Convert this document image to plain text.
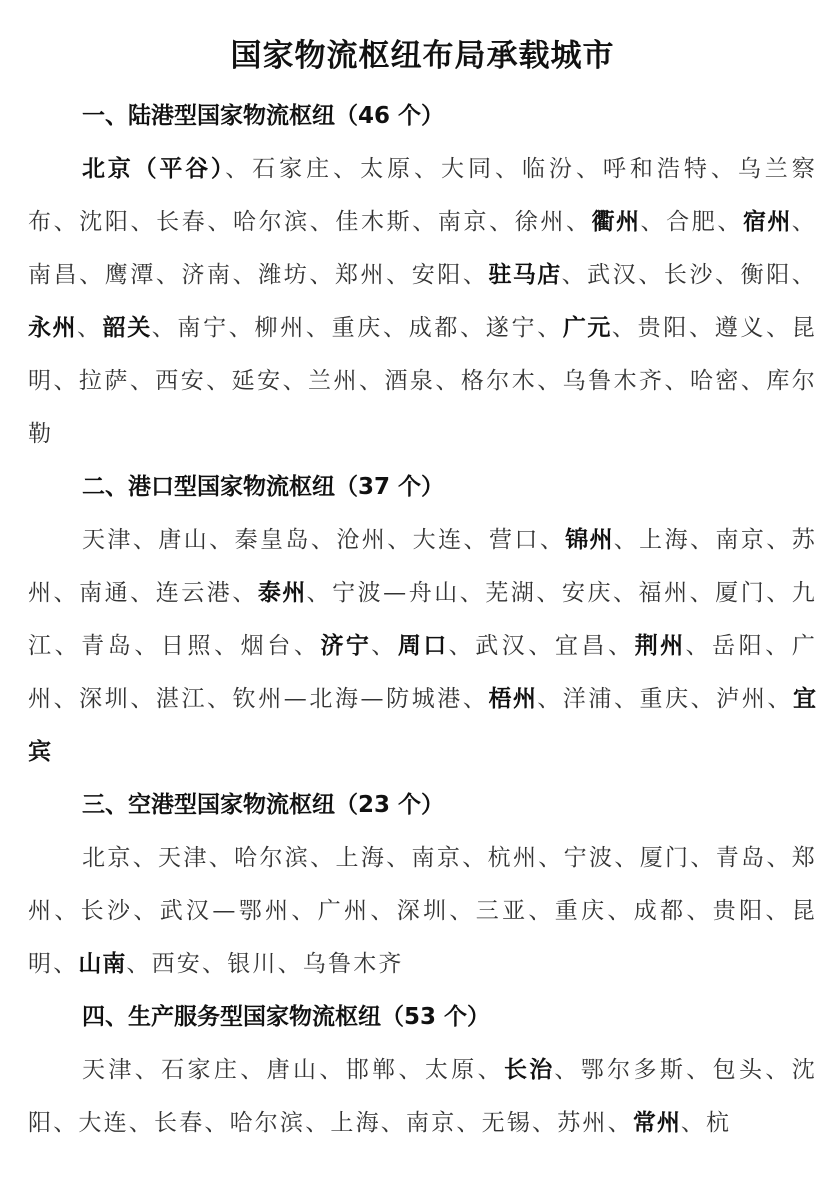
国家物流枢纽布局承载城市

一、陆港型国家物流枢纽（46 个）

北京（平谷）、石家庄、太原、大同、临汾、呼和浩特、乌兰察布、沈阳、长春、哈尔滨、佳木斯、南京、徐州、衢州、合肥、宿州、南昌、鹰潭、济南、潍坊、郑州、安阳、驻马店、武汉、长沙、衡阳、永州、韶关、南宁、柳州、重庆、成都、遂宁、广元、贵阳、遵义、昆明、拉萨、西安、延安、兰州、酒泉、格尔木、乌鲁木齐、哈密、库尔勒

二、港口型国家物流枢纽（37 个）

天津、唐山、秦皇岛、沧州、大连、营口、锦州、上海、南京、苏州、南通、连云港、泰州、宁波—舟山、芜湖、安庆、福州、厦门、九江、青岛、日照、烟台、济宁、周口、武汉、宜昌、荆州、岳阳、广州、深圳、湛江、钦州—北海—防城港、梧州、洋浦、重庆、泸州、宜宾

三、空港型国家物流枢纽（23 个）

北京、天津、哈尔滨、上海、南京、杭州、宁波、厦门、青岛、郑州、长沙、武汉—鄂州、广州、深圳、三亚、重庆、成都、贵阳、昆明、山南、西安、银川、乌鲁木齐

四、生产服务型国家物流枢纽（53 个）

天津、石家庄、唐山、邯郸、太原、长治、鄂尔多斯、包头、沈阳、大连、长春、哈尔滨、上海、南京、无锡、苏州、常州、杭
